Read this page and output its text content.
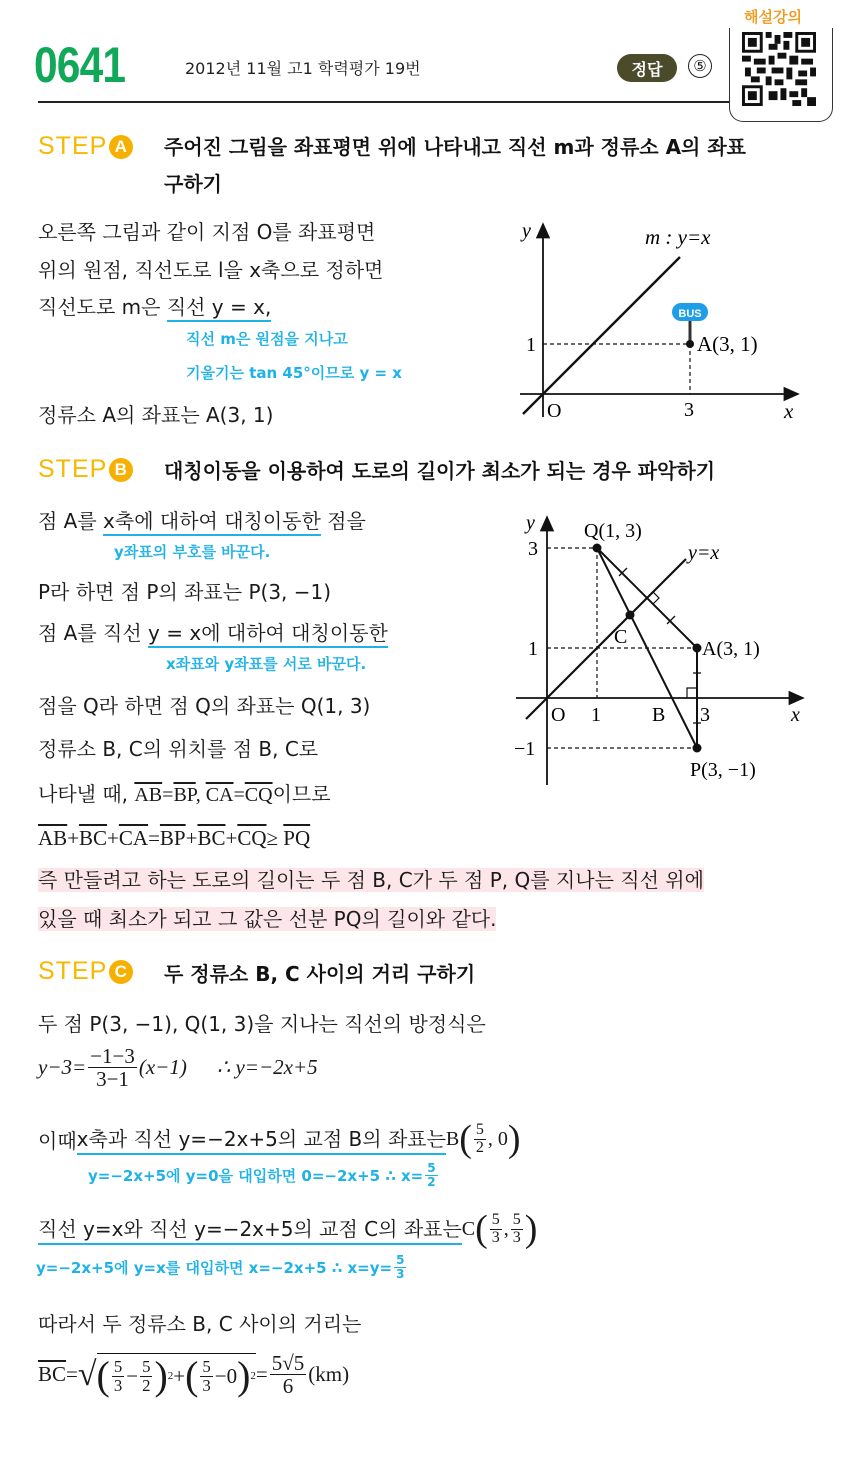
0641	2012년 11월 고1 학력평가 19번	정답	⑤
해설강의
STEP A 주어진 그림을 좌표평면 위에 나타내고 직선 m과 정류소 A의 좌표
구하기
오른쪽 그림과 같이 지점 O를 좌표평면
위의 원점, 직선도로 l을 x축으로 정하면
직선도로 m은 직선 y = x,
직선 m은 원점을 지나고
기울기는 tan 45°이므로 y = x
정류소 A의 좌표는 A(3, 1)
BUS
y	m : y=x
1	A(3, 1)
O	3	x
STEP B 대칭이동을 이용하여 도로의 길이가 최소가 되는 경우 파악하기
점 A를 x축에 대하여 대칭이동한 점을
y좌표의 부호를 바꾼다.
P라 하면 점 P의 좌표는 P(3, −1)
점 A를 직선 y = x에 대하여 대칭이동한
x좌표와 y좌표를 서로 바꾼다.
점을 Q라 하면 점 Q의 좌표는 Q(1, 3)
정류소 B, C의 위치를 점 B, C로
나타낼 때, $\overline{AB}=\overline{BP}$, $\overline{CA}=\overline{CQ}$이므로
$\overline{AB}+\overline{BC}+\overline{CA}=\overline{BP}+\overline{BC}+\overline{CQ}\ge \overline{PQ}$
즉 만들려고 하는 도로의 길이는 두 점 B, C가 두 점 P, Q를 지나는 직선 위에
있을 때 최소가 되고 그 값은 선분 PQ의 길이와 같다.
y Q(1, 3)
y=x
3
1
−1
A(3, 1)
C
O 1	B 3	x
P(3, −1)
STEP C 두 정류소 B, C 사이의 거리 구하기
두 점 P(3, −1), Q(1, 3)을 지나는 직선의 방정식은
$y-3= \frac{-1-3}{3-1} (x-1)$ ∴ y=−2x+5
이때 x축과 직선 y=−2x+5의 교점 B의 좌표는 B ( $\frac{5}{2}$ , 0 )
y=−2x+5에 y=0을 대입하면 0=−2x+5 ∴ $x= \frac{5}{2}$
직선 y=x와 직선 y=−2x+5의 교점 C의 좌표는 C ( $\frac{5}{3}$ , $\frac{5}{3}$ )
y=−2x+5에 y=x를 대입하면 x=−2x+5 ∴ $x=y= \frac{5}{3}$
따라서 두 정류소 B, C 사이의 거리는
$\overline{BC}$ = √ ( $\frac{5}{3} - \frac{5}{2}$ ) 2 + ( $\frac{5}{3} -0$ ) $2 = \frac{5√5}{6} (km)$
